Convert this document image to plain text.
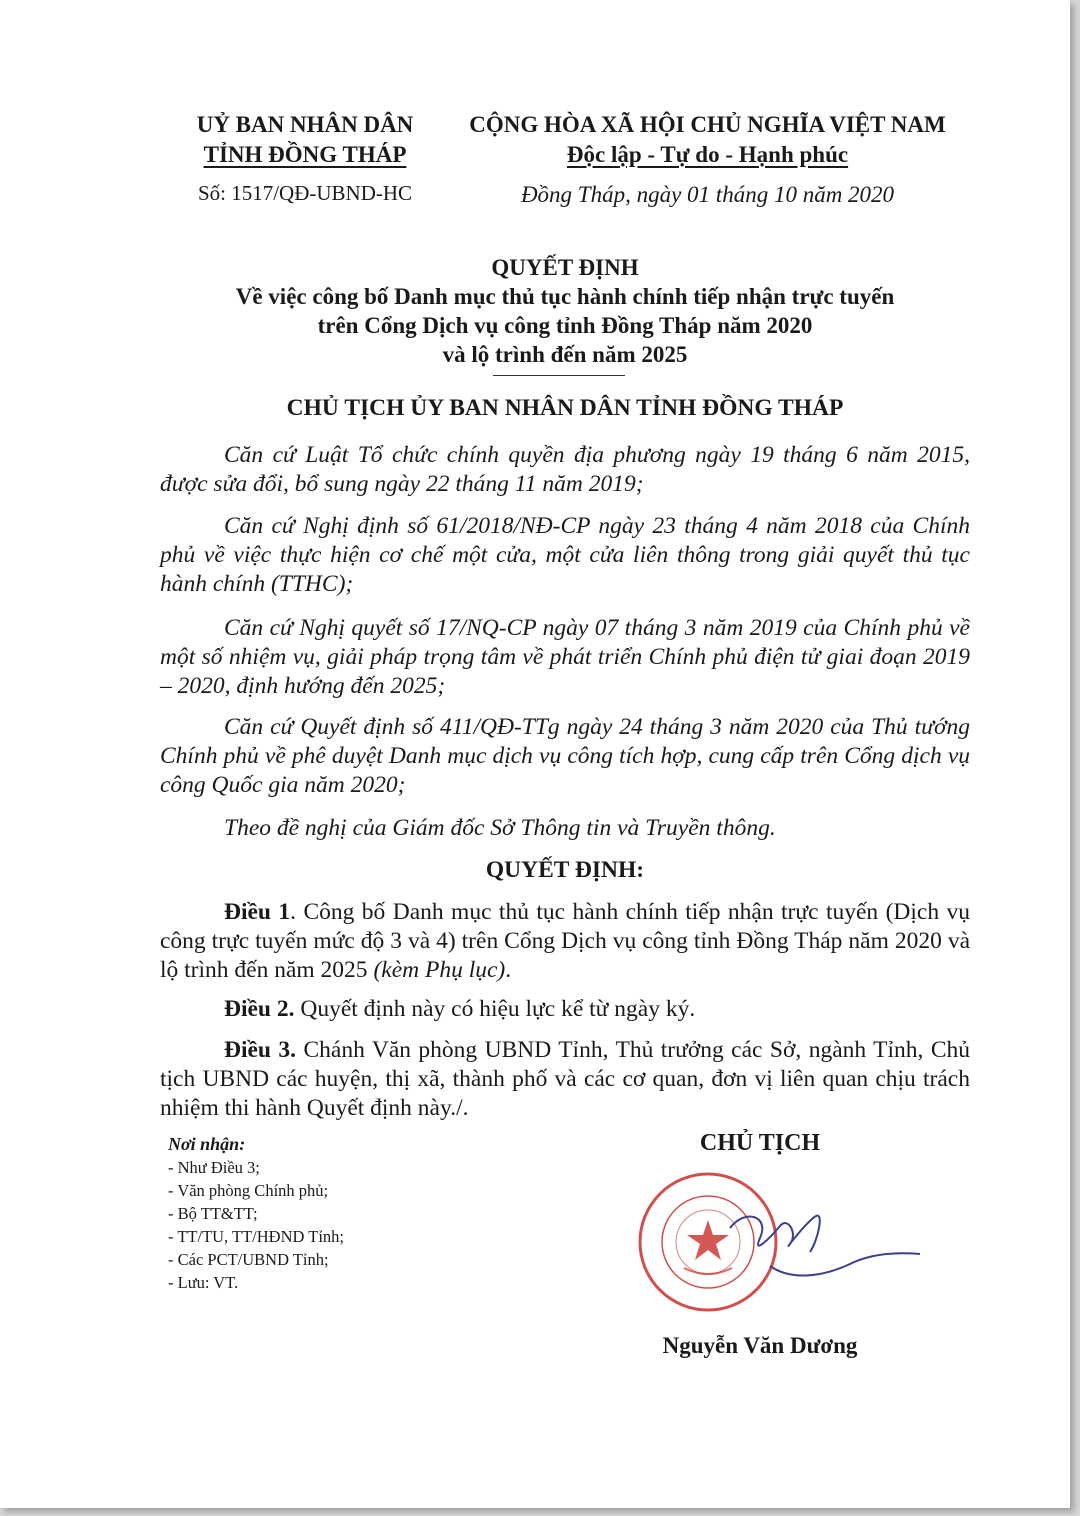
UỶ BAN NHÂN DÂN
TỈNH ĐỒNG THÁP
Số: 1517/QĐ-UBND-HC
CỘNG HÒA XÃ HỘI CHỦ NGHĨA VIỆT NAM
Độc lập - Tự do - Hạnh phúc
Đồng Tháp, ngày 01 tháng 10 năm 2020
QUYẾT ĐỊNH
Về việc công bố Danh mục thủ tục hành chính tiếp nhận trực tuyến
trên Cổng Dịch vụ công tỉnh Đồng Tháp năm 2020
và lộ trình đến năm 2025
CHỦ TỊCH ỦY BAN NHÂN DÂN TỈNH ĐỒNG THÁP
Căn cứ Luật Tổ chức chính quyền địa phương ngày 19 tháng 6 năm 2015, được sửa đổi, bổ sung ngày 22 tháng 11 năm 2019;
Căn cứ Nghị định số 61/2018/NĐ-CP ngày 23 tháng 4 năm 2018 của Chính phủ về việc thực hiện cơ chế một cửa, một cửa liên thông trong giải quyết thủ tục hành chính (TTHC);
Căn cứ Nghị quyết số 17/NQ-CP ngày 07 tháng 3 năm 2019 của Chính phủ về một số nhiệm vụ, giải pháp trọng tâm về phát triển Chính phủ điện tử giai đoạn 2019 – 2020, định hướng đến 2025;
Căn cứ Quyết định số 411/QĐ-TTg ngày 24 tháng 3 năm 2020 của Thủ tướng Chính phủ về phê duyệt Danh mục dịch vụ công tích hợp, cung cấp trên Cổng dịch vụ công Quốc gia năm 2020;
Theo đề nghị của Giám đốc Sở Thông tin và Truyền thông.
QUYẾT ĐỊNH:
Điều 1. Công bố Danh mục thủ tục hành chính tiếp nhận trực tuyến (Dịch vụ công trực tuyến mức độ 3 và 4) trên Cổng Dịch vụ công tỉnh Đồng Tháp năm 2020 và lộ trình đến năm 2025 (kèm Phụ lục).
Điều 2. Quyết định này có hiệu lực kể từ ngày ký.
Điều 3. Chánh Văn phòng UBND Tỉnh, Thủ trưởng các Sở, ngành Tỉnh, Chủ tịch UBND các huyện, thị xã, thành phố và các cơ quan, đơn vị liên quan chịu trách nhiệm thi hành Quyết định này./.
Nơi nhận:
- Như Điều 3;
- Văn phòng Chính phủ;
- Bộ TT&TT;
- TT/TU, TT/HĐND Tỉnh;
- Các PCT/UBND Tỉnh;
- Lưu: VT.
CHỦ TỊCH
Nguyễn Văn Dương
